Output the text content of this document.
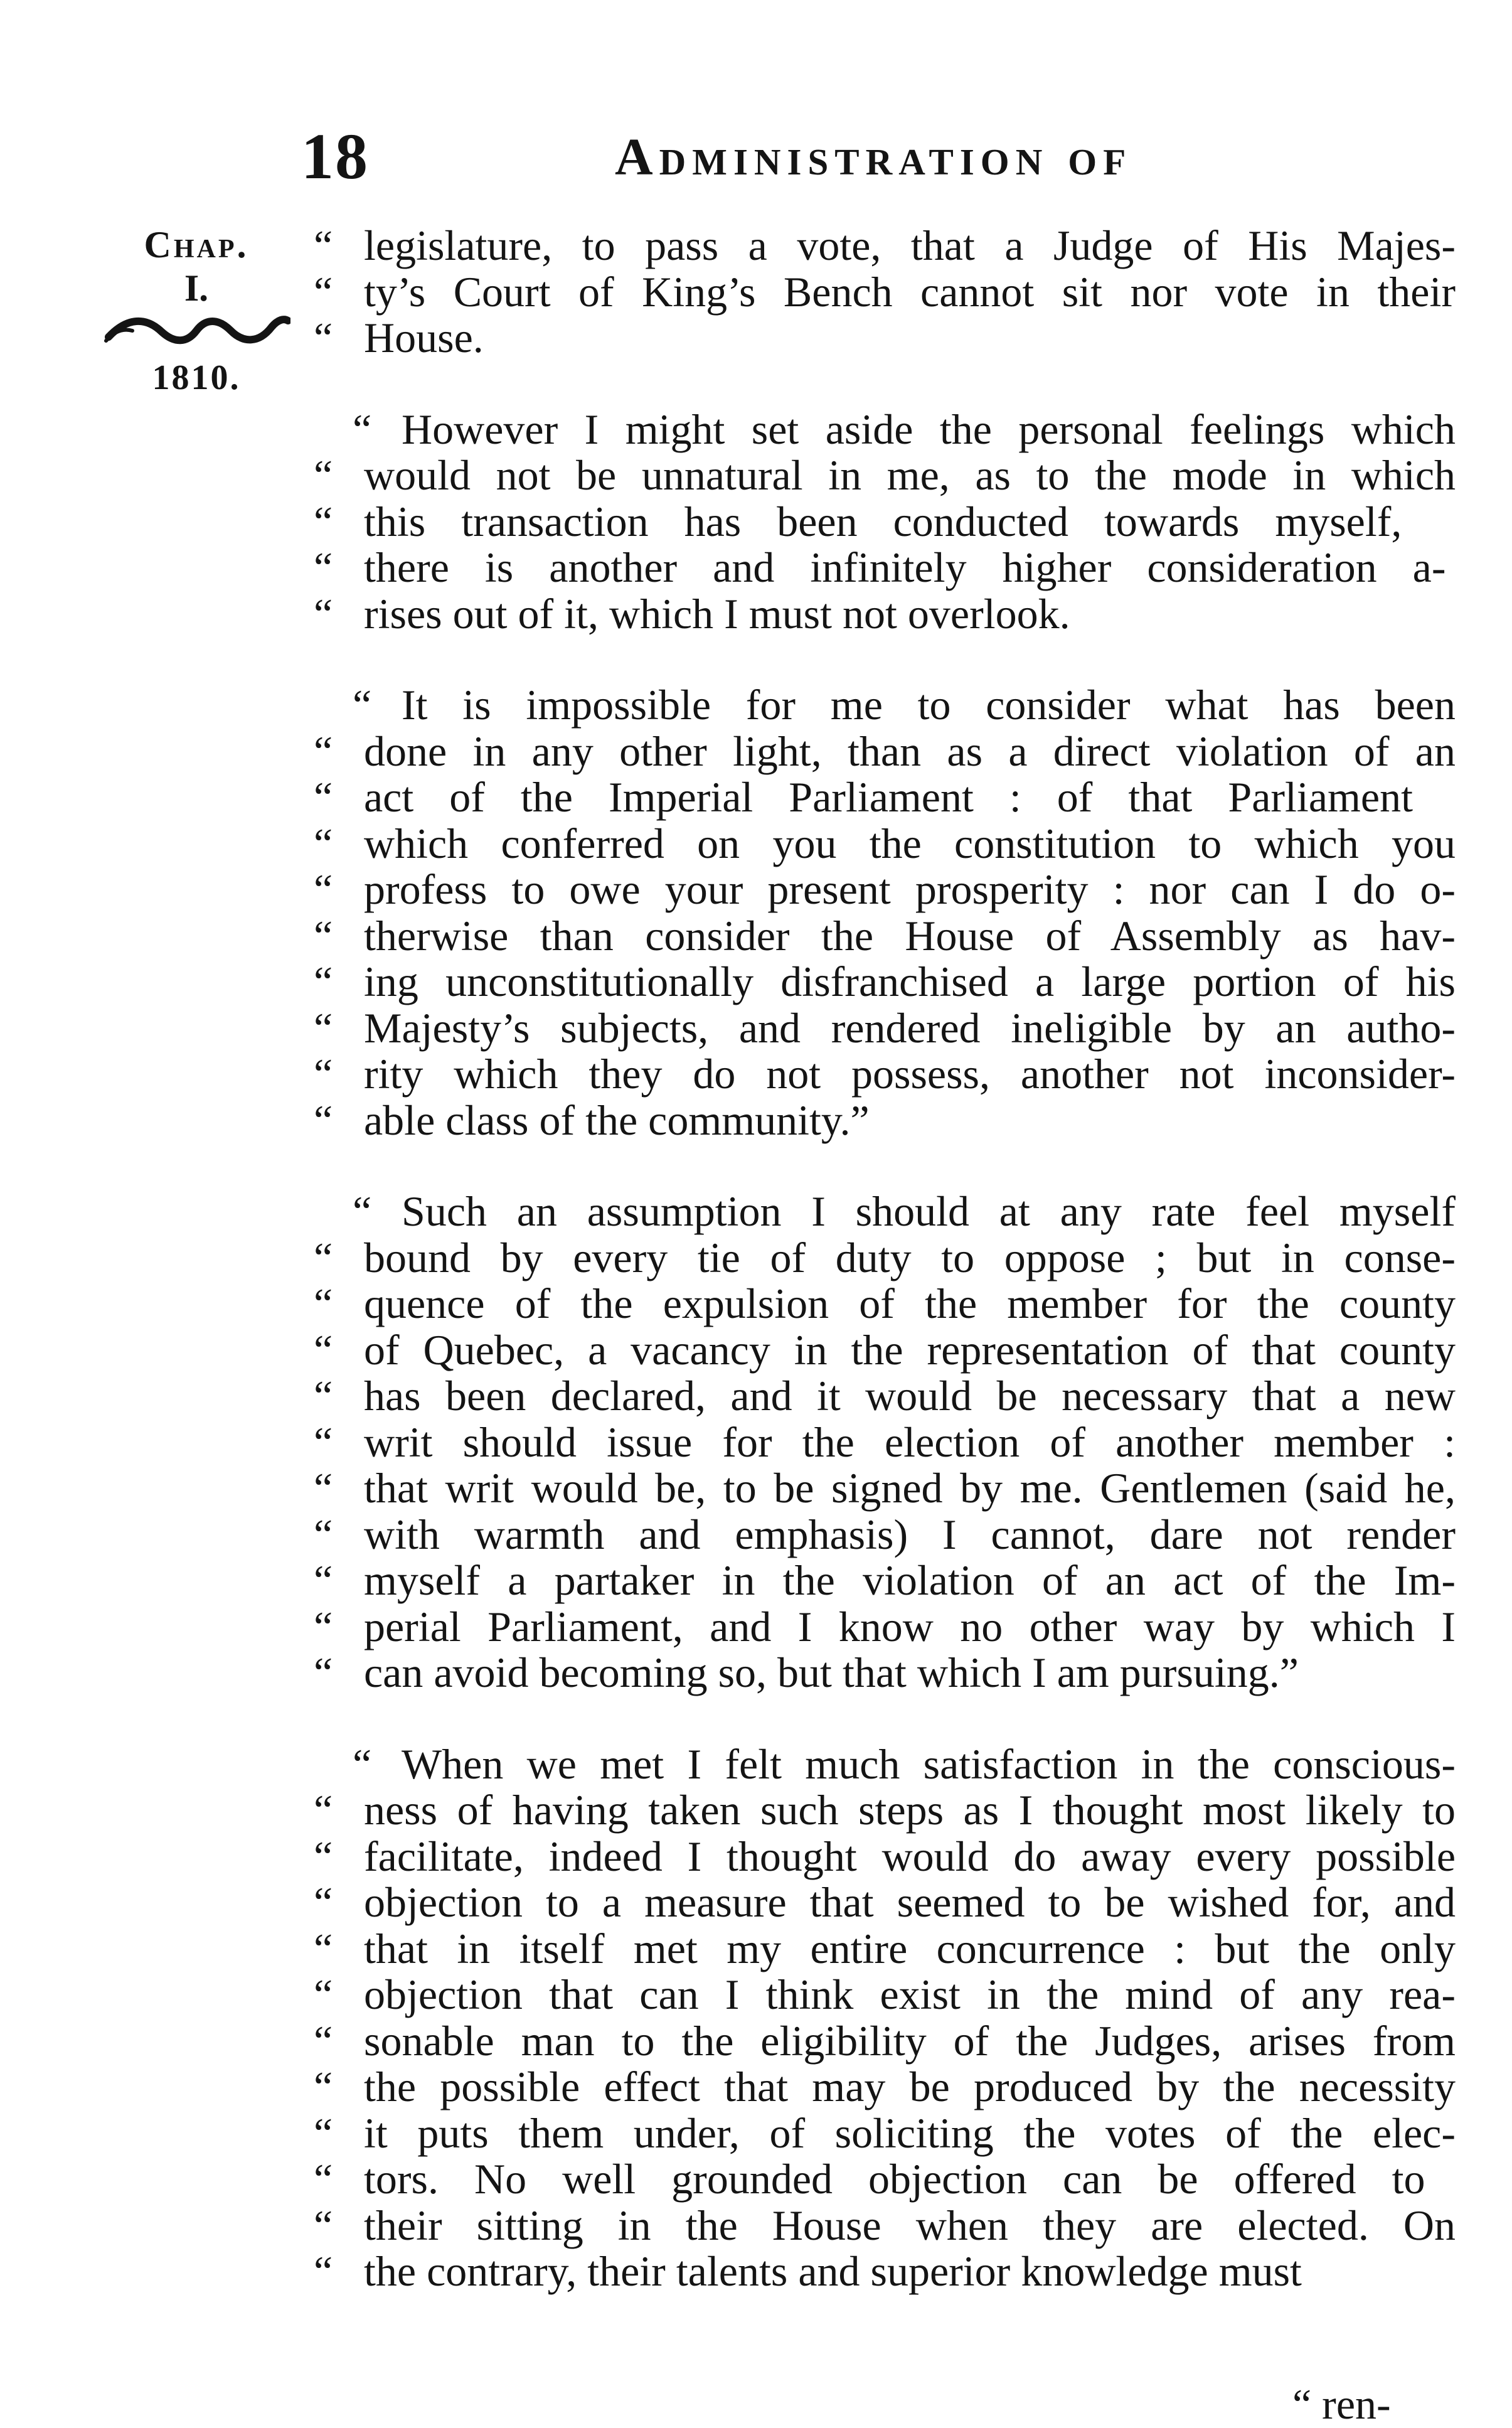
18	Administration of
Chap.
I.
1810.
“ legislature, to pass a vote, that a Judge of His Majes-
“ ty’s Court of King’s Bench cannot sit nor vote in their
“ House.
“ However I might set aside the personal feelings which
“ would not be unnatural in me, as to the mode in which
“ this transaction has been conducted towards myself,
“ there is another and infinitely higher consideration a-
“ rises out of it, which I must not overlook.
“ It is impossible for me to consider what has been
“ done in any other light, than as a direct violation of an
“ act of the Imperial Parliament : of that Parliament
“ which conferred on you the constitution to which you
“ profess to owe your present prosperity : nor can I do o-
“ therwise than consider the House of Assembly as hav-
“ ing unconstitutionally disfranchised a large portion of his
“ Majesty’s subjects, and rendered ineligible by an autho-
“ rity which they do not possess, another not inconsider-
“ able class of the community.”
“ Such an assumption I should at any rate feel myself
“ bound by every tie of duty to oppose ; but in conse-
“ quence of the expulsion of the member for the county
“ of Quebec, a vacancy in the representation of that county
“ has been declared, and it would be necessary that a new
“ writ should issue for the election of another member :
“ that writ would be, to be signed by me. Gentlemen (said he,
“ with warmth and emphasis) I cannot, dare not render
“ myself a partaker in the violation of an act of the Im-
“ perial Parliament, and I know no other way by which I
“ can avoid becoming so, but that which I am pursuing.”
“ When we met I felt much satisfaction in the conscious-
“ ness of having taken such steps as I thought most likely to
“ facilitate, indeed I thought would do away every possible
“ objection to a measure that seemed to be wished for, and
“ that in itself met my entire concurrence : but the only
“ objection that can I think exist in the mind of any rea-
“ sonable man to the eligibility of the Judges, arises from
“ the possible effect that may be produced by the necessity
“ it puts them under, of soliciting the votes of the elec-
“ tors. No well grounded objection can be offered to
“ their sitting in the House when they are elected. On
“ the contrary, their talents and superior knowledge must
“ ren-
